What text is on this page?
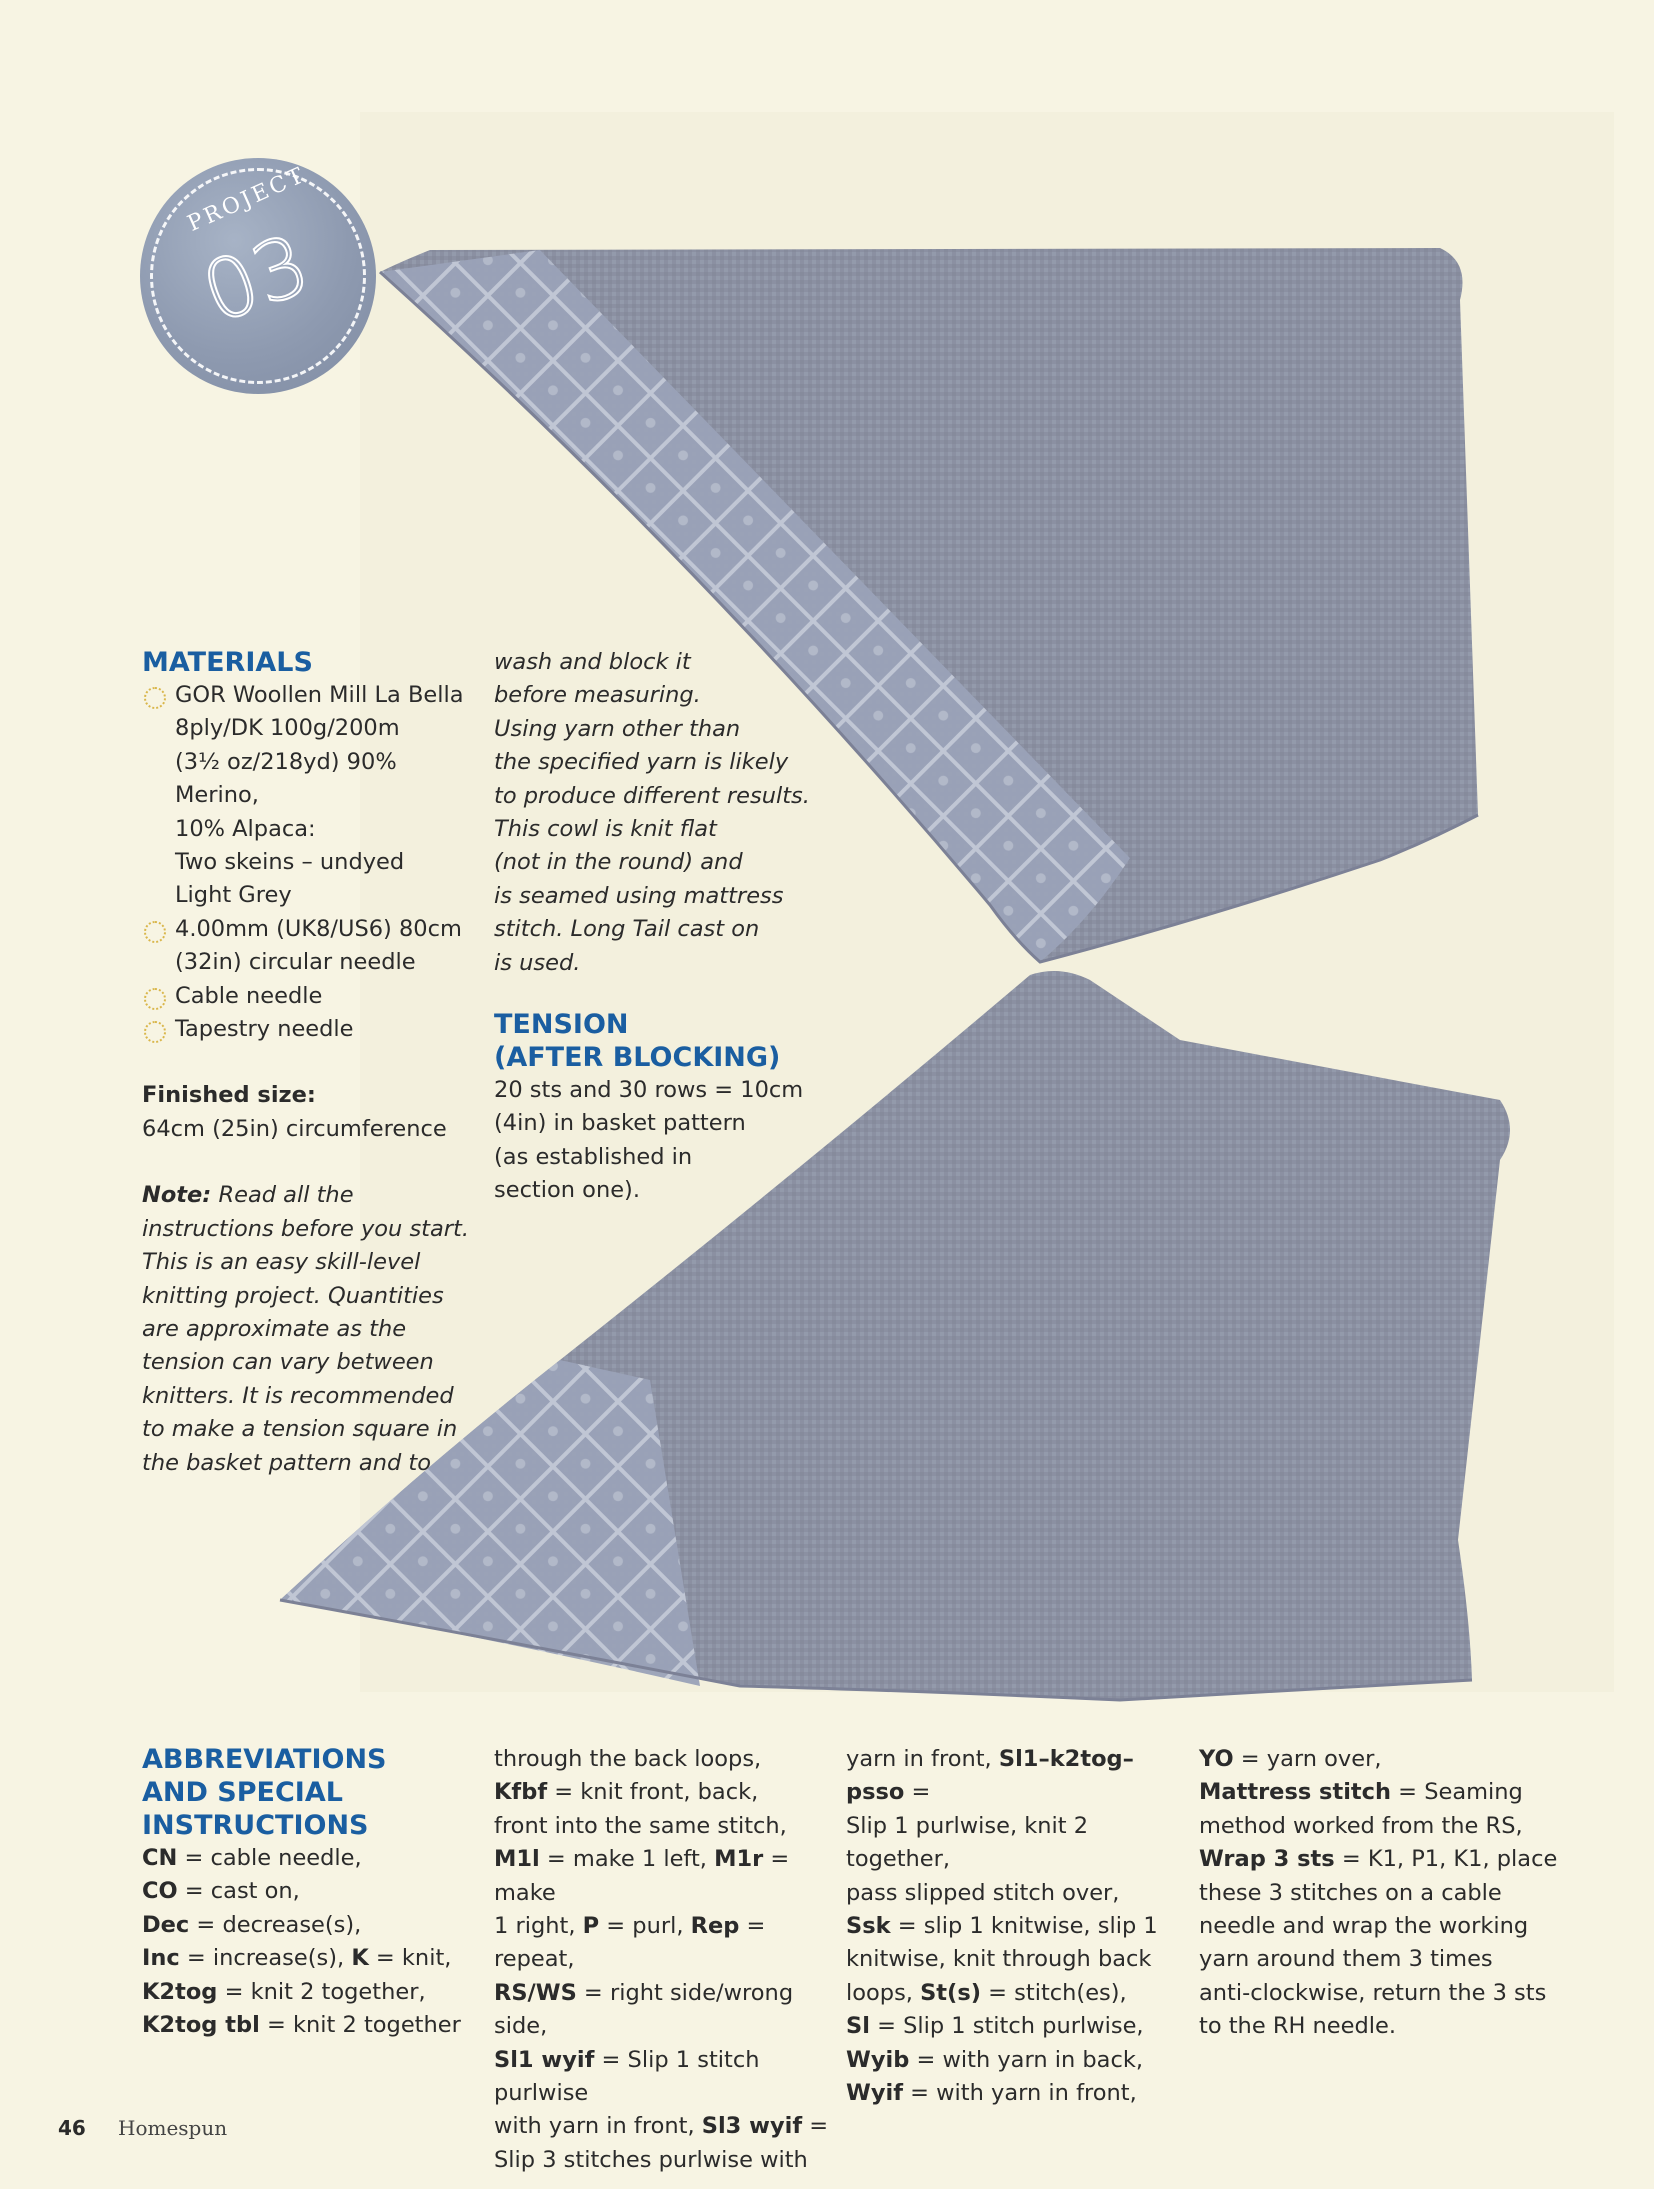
PROJECT
03
MATERIALS

GOR Woollen Mill La Bella

8ply/DK 100g/200m

(3½ oz/218yd) 90% Merino,

10% Alpaca:

Two skeins – undyed

Light Grey

4.00mm (UK8/US6) 80cm

(32in) circular needle

Cable needle

Tapestry needle

Finished size:

64cm (25in) circumference

Note: Read all the

instructions before you start.

This is an easy skill-level

knitting project. Quantities

are approximate as the

tension can vary between

knitters. It is recommended

to make a tension square in

the basket pattern and to

wash and block it

before measuring.

Using yarn other than

the specified yarn is likely

to produce different results.

This cowl is knit flat

(not in the round) and

is seamed using mattress

stitch. Long Tail cast on

is used.

TENSION

(AFTER BLOCKING)

20 sts and 30 rows = 10cm

(4in) in basket pattern

(as established in

section one).

ABBREVIATIONS

AND SPECIAL

INSTRUCTIONS

CN = cable needle,

CO = cast on,

Dec = decrease(s),

Inc = increase(s), K = knit,

K2tog = knit 2 together,

K2tog tbl = knit 2 together

through the back loops,

Kfbf = knit front, back,

front into the same stitch,

M1l = make 1 left, M1r = make

1 right, P = purl, Rep = repeat,

RS/WS = right side/wrong side,

Sl1 wyif = Slip 1 stitch purlwise

with yarn in front, Sl3 wyif =

Slip 3 stitches purlwise with

yarn in front, Sl1–k2tog–psso =

Slip 1 purlwise, knit 2 together,

pass slipped stitch over,

Ssk = slip 1 knitwise, slip 1

knitwise, knit through back

loops, St(s) = stitch(es),

Sl = Slip 1 stitch purlwise,

Wyib = with yarn in back,

Wyif = with yarn in front,

YO = yarn over,

Mattress stitch = Seaming

method worked from the RS,

Wrap 3 sts = K1, P1, K1, place

these 3 stitches on a cable

needle and wrap the working

yarn around them 3 times

anti-clockwise, return the 3 sts

to the RH needle.

46 Homespun
